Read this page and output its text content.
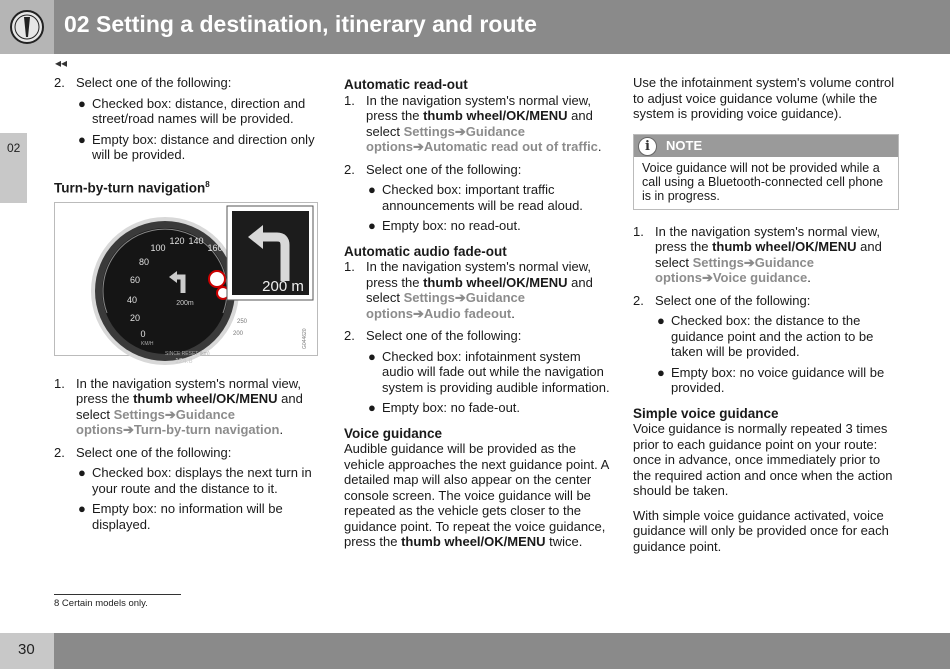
02 Setting a destination, itinerary and route
◂◂
02
2. Select one of the following:
● Checked box: distance, direction and street/road names will be provided.
● Empty box: distance and direction only will be provided.
Turn-by-turn navigation$^8$
0
20
40
60
80
100
120 140
160
KM/H
200m
SINCE RESET (km)
124.8
250
200
200 m
G044620
1. In the navigation system's normal view, press the thumb wheel/OK/MENU and select Settings➔Guidance options➔Turn-by-turn navigation.
2. Select one of the following:
● Checked box: displays the next turn in your route and the distance to it.
● Empty box: no information will be displayed.
Automatic read-out
1. In the navigation system's normal view, press the thumb wheel/OK/MENU and select Settings➔Guidance options➔Automatic read out of traffic.
2. Select one of the following:
● Checked box: important traffic announcements will be read aloud.
● Empty box: no read-out.
Automatic audio fade-out
1. In the navigation system's normal view, press the thumb wheel/OK/MENU and select Settings➔Guidance options➔Audio fadeout.
2. Select one of the following:
● Checked box: infotainment system audio will fade out while the navigation system is providing audible information.
● Empty box: no fade-out.
Voice guidance

Audible guidance will be provided as the vehicle approaches the next guidance point. A detailed map will also appear on the center console screen. The voice guidance will be repeated as the vehicle gets closer to the guidance point. To repeat the voice guidance, press the thumb wheel/OK/MENU twice.

Use the infotainment system's volume control to adjust voice guidance volume (while the system is providing voice guidance).

i	NOTE
Voice guidance will not be provided while a call using a Bluetooth-connected cell phone is in progress.
1. In the navigation system's normal view, press the thumb wheel/OK/MENU and select Settings➔Guidance options➔Voice guidance.
2. Select one of the following:
● Checked box: the distance to the guidance point and the action to be taken will be provided.
● Empty box: no voice guidance will be provided.
Simple voice guidance

Voice guidance is normally repeated 3 times prior to each guidance point on your route: once in advance, once immediately prior to the required action and once when the action should be taken.

With simple voice guidance activated, voice guidance will only be provided once for each guidance point.

8 Certain models only.
30
